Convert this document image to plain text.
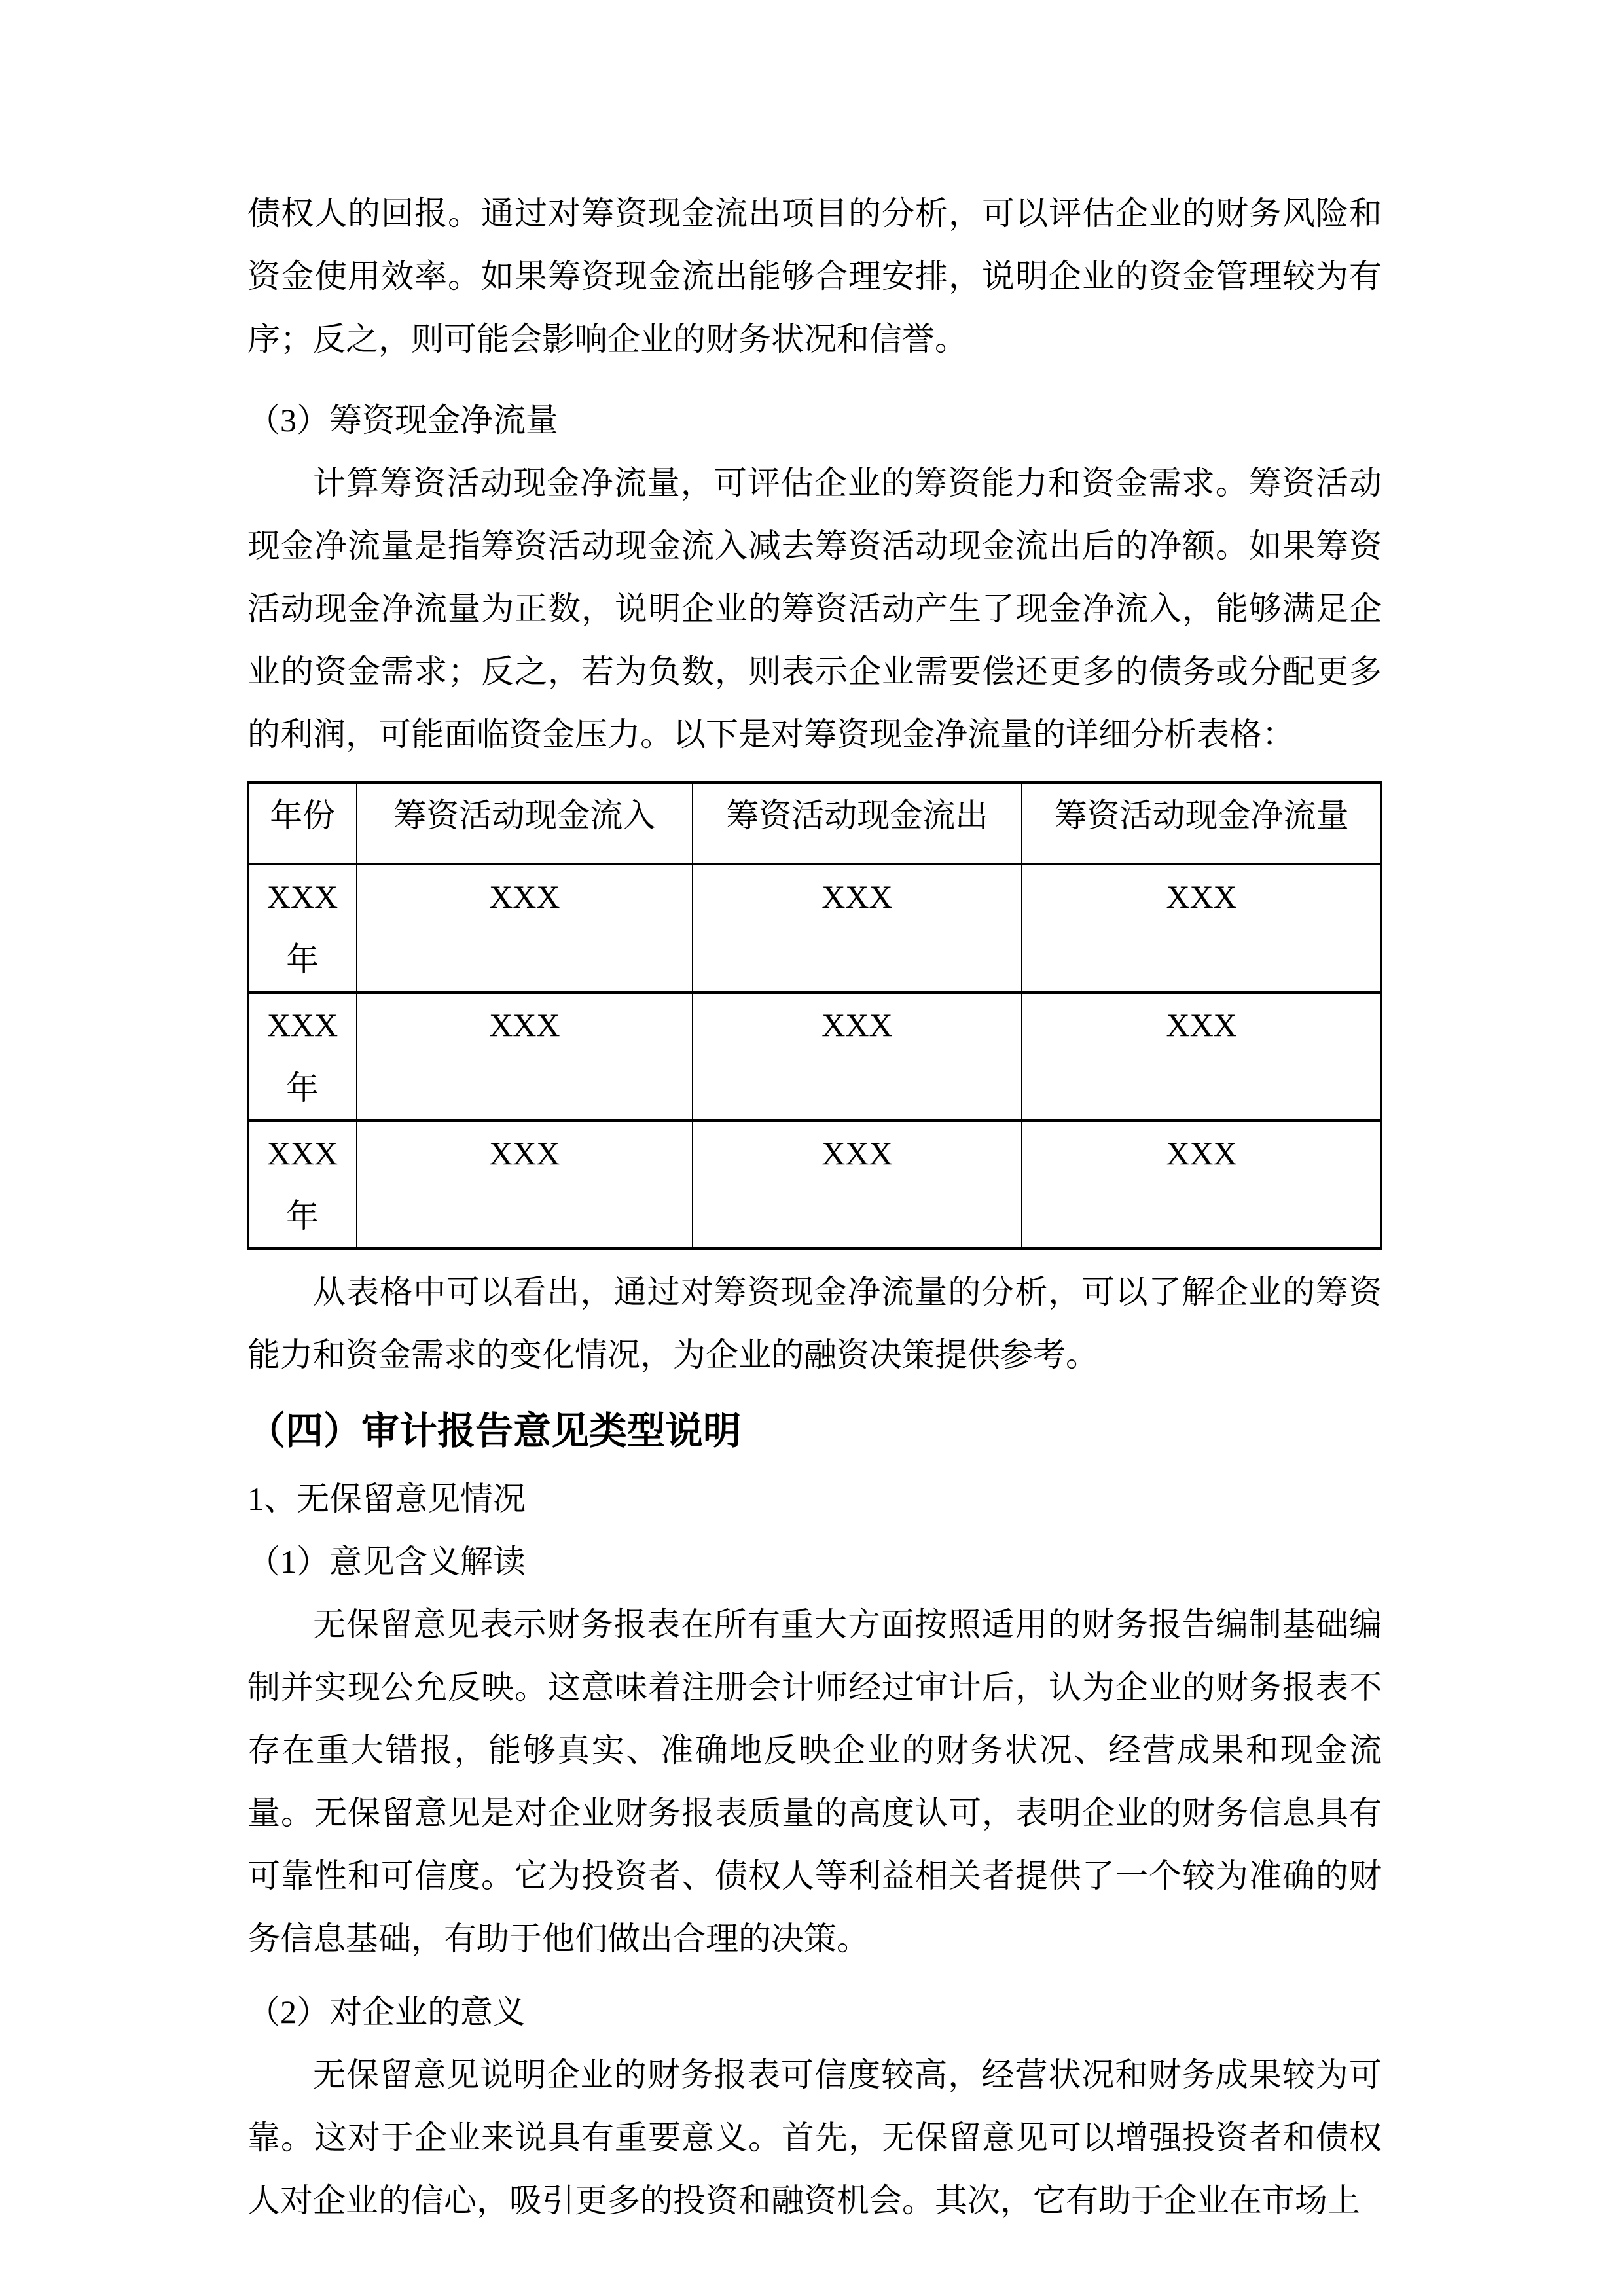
债权人的回报。通过对筹资现金流出项目的分析，可以评估企业的财务风险和资金使用效率。如果筹资现金流出能够合理安排，说明企业的资金管理较为有序；反之，则可能会影响企业的财务状况和信誉。

（3）筹资现金净流量

计算筹资活动现金净流量，可评估企业的筹资能力和资金需求。筹资活动现金净流量是指筹资活动现金流入减去筹资活动现金流出后的净额。如果筹资活动现金净流量为正数，说明企业的筹资活动产生了现金净流入，能够满足企业的资金需求；反之，若为负数，则表示企业需要偿还更多的债务或分配更多的利润，可能面临资金压力。以下是对筹资现金净流量的详细分析表格：

年份	筹资活动现金流入	筹资活动现金流出	筹资活动现金净流量
XXX 年	XXX	XXX	XXX
XXX 年	XXX	XXX	XXX
XXX 年	XXX	XXX	XXX

从表格中可以看出，通过对筹资现金净流量的分析，可以了解企业的筹资能力和资金需求的变化情况，为企业的融资决策提供参考。

（四）审计报告意见类型说明

1、无保留意见情况

（1）意见含义解读

无保留意见表示财务报表在所有重大方面按照适用的财务报告编制基础编制并实现公允反映。这意味着注册会计师经过审计后，认为企业的财务报表不存在重大错报，能够真实、准确地反映企业的财务状况、经营成果和现金流量。无保留意见是对企业财务报表质量的高度认可，表明企业的财务信息具有可靠性和可信度。它为投资者、债权人等利益相关者提供了一个较为准确的财务信息基础，有助于他们做出合理的决策。

（2）对企业的意义

无保留意见说明企业的财务报表可信度较高，经营状况和财务成果较为可靠。这对于企业来说具有重要意义。首先，无保留意见可以增强投资者和债权人对企业的信心，吸引更多的投资和融资机会。其次，它有助于企业在市场上
